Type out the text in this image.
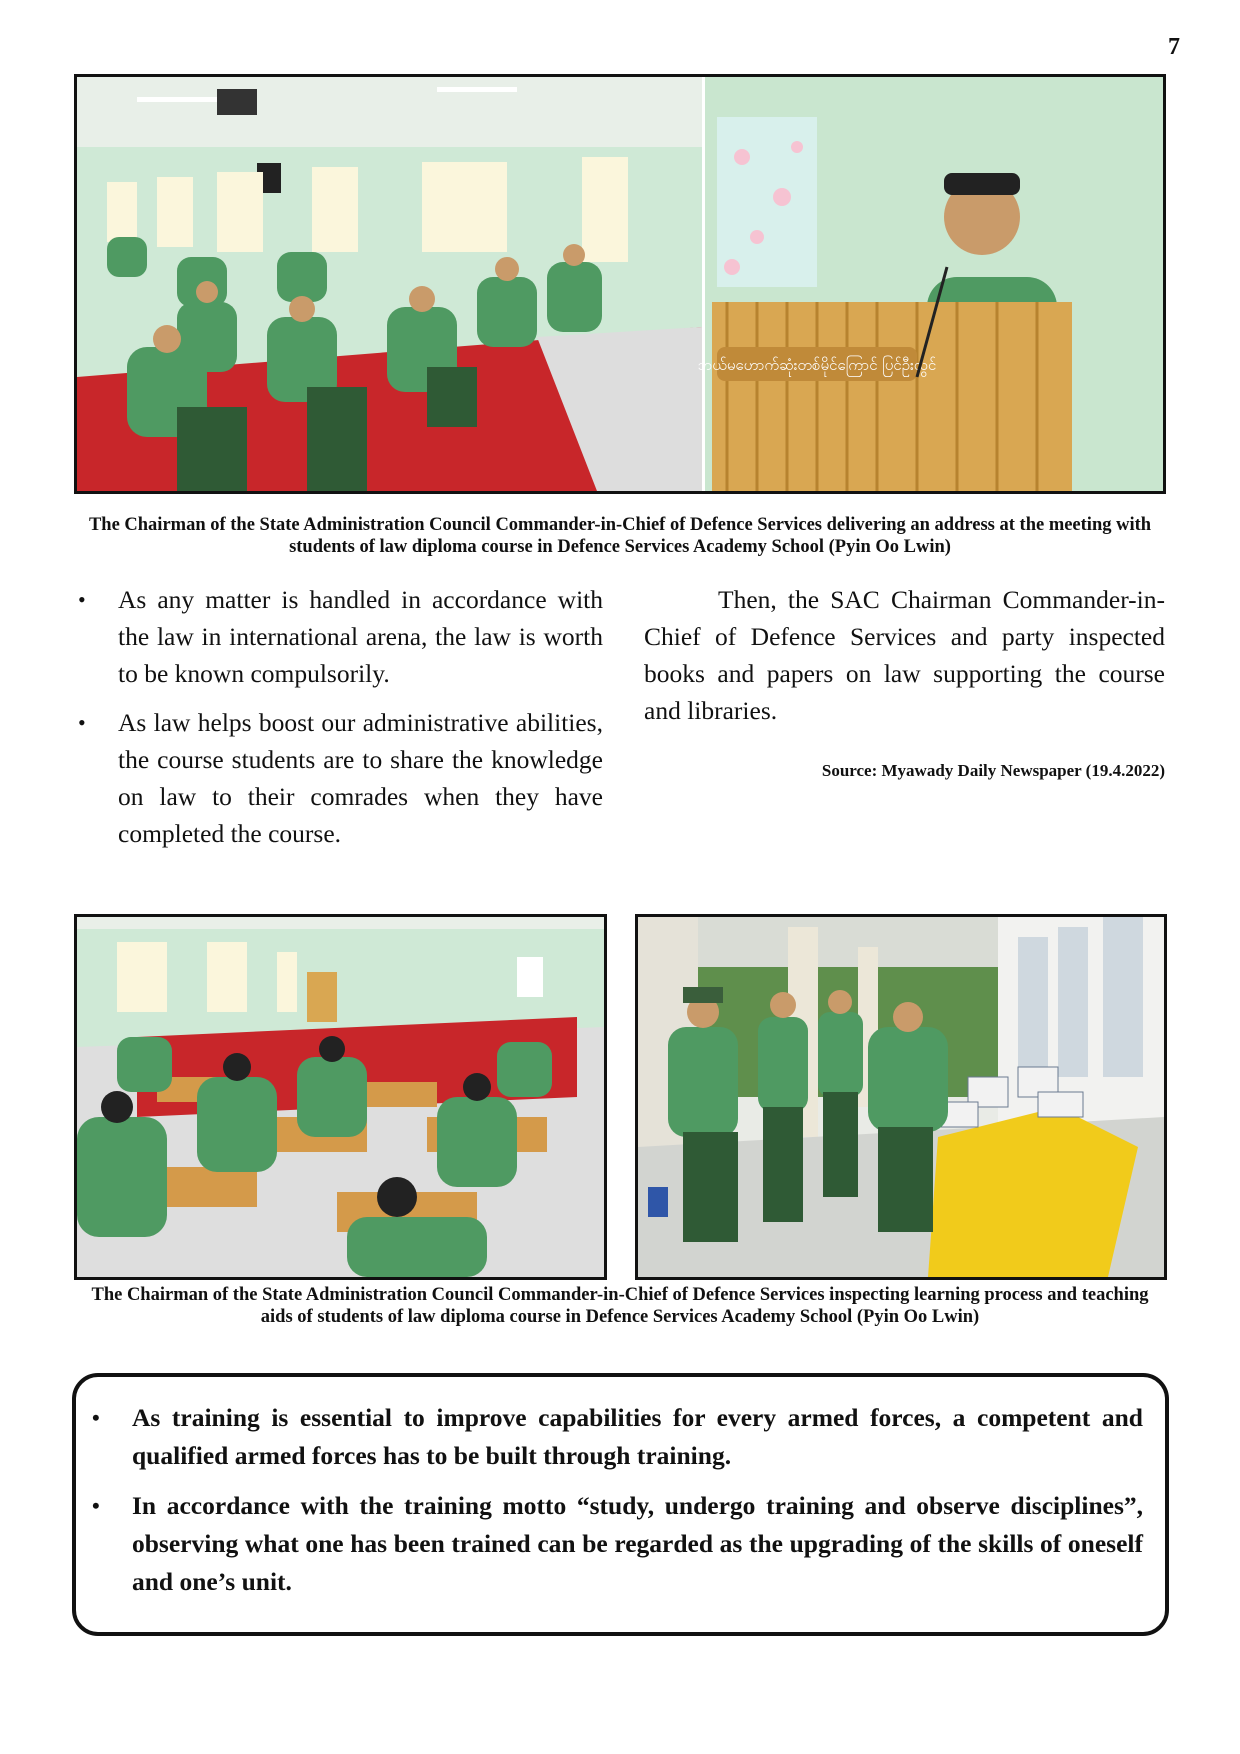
7
ဘယ်မဟောက်ဆုံးတစ်မိုင်ကြောင် ပြင်ဦးလွင်
The Chairman of the State Administration Council Commander-in-Chief of Defence Services delivering an address at the meeting with students of law diploma course in Defence Services Academy School (Pyin Oo Lwin)
• As any matter is handled in accordance with the law in international arena, the law is worth to be known compulsorily.
• As law helps boost our administrative abilities, the course students are to share the knowledge on law to their comrades when they have completed the course.

Then, the SAC Chairman Commander-in-Chief of Defence Services and party inspected books and papers on law supporting the course and libraries.

Source: Myawady Daily Newspaper (19.4.2022)
The Chairman of the State Administration Council Commander-in-Chief of Defence Services inspecting learning process and teaching aids of students of law diploma course in Defence Services Academy School (Pyin Oo Lwin)
• As training is essential to improve capabilities for every armed forces, a competent and qualified armed forces has to be built through training.
• In accordance with the training motto “study, undergo training and observe disciplines”, observing what one has been trained can be regarded as the upgrading of the skills of oneself and one’s unit.
